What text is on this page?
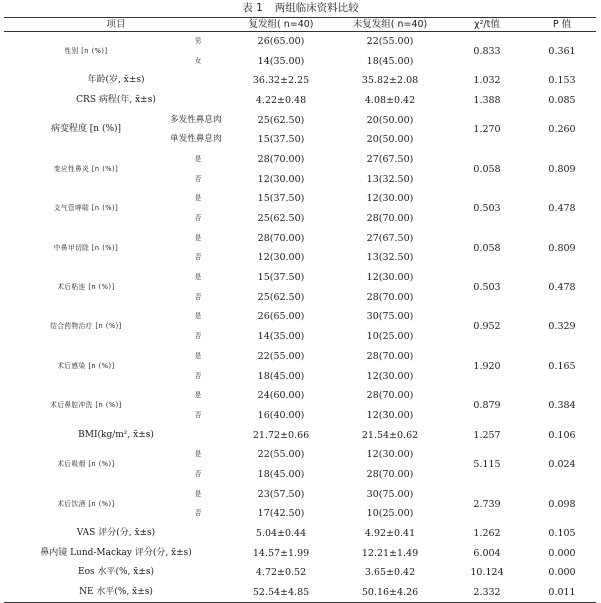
表 1 两组临床资料比较
项目		复发组( n=40)	未复发组( n=40)	χ²/t值	P 值
性别 [n (%)]	男	26(65.00)	22(55.00)	0.833	0.361
	女	14(35.00)	18(45.00)		
年龄(岁, x̄±s)		36.32±2.25	35.82±2.08	1.032	0.153
CRS 病程(年, x̄±s)		4.22±0.48	4.08±0.42	1.388	0.085
病变程度 [n (%)]	多发性鼻息肉	25(62.50)	20(50.00)	1.270	0.260
	单发性鼻息肉	15(37.50)	20(50.00)		
变应性鼻炎 [n (%)]	是	28(70.00)	27(67.50)	0.058	0.809
	否	12(30.00)	13(32.50)		
支气管哮喘 [n (%)]	是	15(37.50)	12(30.00)	0.503	0.478
	否	25(62.50)	28(70.00)		
中鼻甲切除 [n (%)]	是	28(70.00)	27(67.50)	0.058	0.809
	否	12(30.00)	13(32.50)		
术后粘连 [n (%)]	是	15(37.50)	12(30.00)	0.503	0.478
	否	25(62.50)	28(70.00)		
结合药物治疗 [n (%)]	是	26(65.00)	30(75.00)	0.952	0.329
	否	14(35.00)	10(25.00)		
术后感染 [n (%)]	是	22(55.00)	28(70.00)	1.920	0.165
	否	18(45.00)	12(30.00)		
术后鼻腔冲洗 [n (%)]	是	24(60.00)	28(70.00)	0.879	0.384
	否	16(40.00)	12(30.00)		
BMI(kg/m², x̄±s)		21.72±0.66	21.54±0.62	1.257	0.106
术后吸烟 [n (%)]	是	22(55.00)	12(30.00)	5.115	0.024
	否	18(45.00)	28(70.00)		
术后饮酒 [n (%)]	是	23(57.50)	30(75.00)	2.739	0.098
	否	17(42.50)	10(25.00)		
VAS 评分(分, x̄±s)		5.04±0.44	4.92±0.41	1.262	0.105
鼻内镜 Lund-Mackay 评分(分, x̄±s)		14.57±1.99	12.21±1.49	6.004	0.000
Eos 水平(%, x̄±s)		4.72±0.52	3.65±0.42	10.124	0.000
NE 水平(%, x̄±s)		52.54±4.85	50.16±4.26	2.332	0.011
